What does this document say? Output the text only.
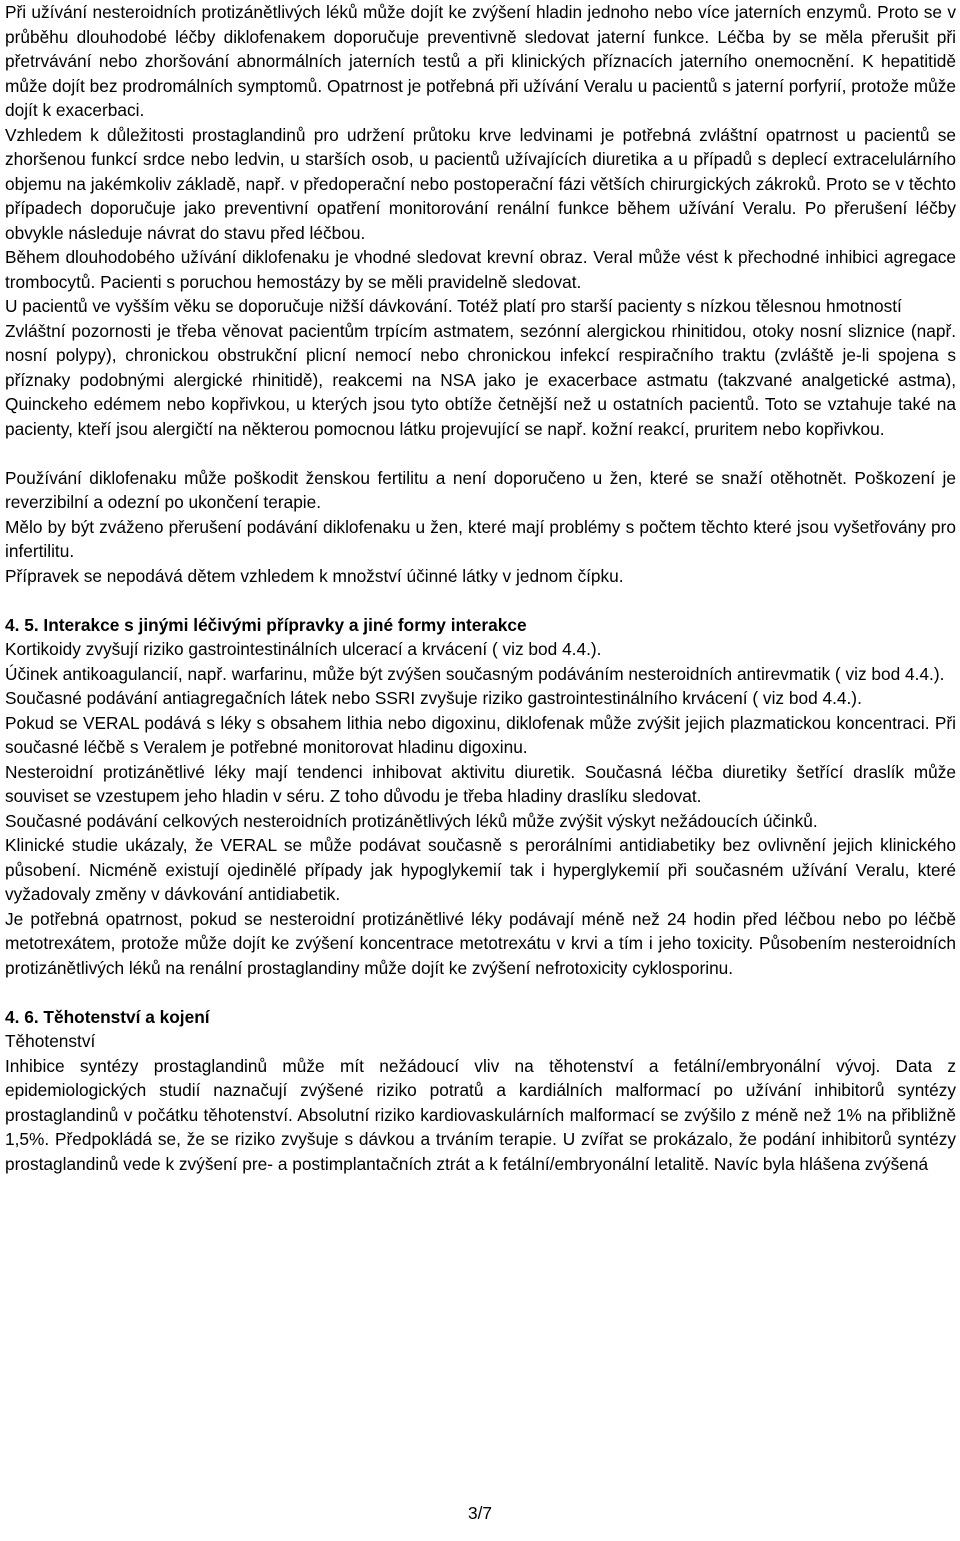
Při užívání nesteroidních protizánětlivých léků může dojít ke zvýšení hladin jednoho nebo více jaterních enzymů. Proto se v průběhu dlouhodobé léčby diklofenakem doporučuje preventivně sledovat jaterní funkce. Léčba by se měla přerušit při přetrvávání nebo zhoršování abnormálních jaterních testů a při klinických příznacích jaterního onemocnění. K hepatitidě může dojít bez prodromálních symptomů. Opatrnost je potřebná při užívání Veralu u pacientů s jaterní porfyrií, protože může dojít k exacerbaci.

Vzhledem k důležitosti prostaglandinů pro udržení průtoku krve ledvinami je potřebná zvláštní opatrnost u pacientů se zhoršenou funkcí srdce nebo ledvin, u starších osob, u pacientů užívajících diuretika a u případů s deplecí extracelulárního objemu na jakémkoliv základě, např. v předoperační nebo postoperační fázi větších chirurgických zákroků. Proto se v těchto případech doporučuje jako preventivní opatření monitorování renální funkce během užívání Veralu. Po přerušení léčby obvykle následuje návrat do stavu před léčbou.

Během dlouhodobého užívání diklofenaku je vhodné sledovat krevní obraz. Veral může vést k přechodné inhibici agregace trombocytů. Pacienti s poruchou hemostázy by se měli pravidelně sledovat.

U pacientů ve vyšším věku se doporučuje nižší dávkování. Totéž platí pro starší pacienty s nízkou tělesnou hmotností

Zvláštní pozornosti je třeba věnovat pacientům trpícím astmatem, sezónní alergickou rhinitidou, otoky nosní sliznice (např. nosní polypy), chronickou obstrukční plicní nemocí nebo chronickou infekcí respiračního traktu (zvláště je-li spojena s příznaky podobnými alergické rhinitidě), reakcemi na NSA jako je exacerbace astmatu (takzvané analgetické astma), Quinckeho edémem nebo kopřivkou, u kterých jsou tyto obtíže četnější než u ostatních pacientů. Toto se vztahuje také na pacienty, kteří jsou alergičtí na některou pomocnou látku projevující se např. kožní reakcí, pruritem nebo kopřivkou.

Používání diklofenaku může poškodit ženskou fertilitu a není doporučeno u žen, které se snaží otěhotnět. Poškození je reverzibilní a odezní po ukončení terapie.

Mělo by být zváženo přerušení podávání diklofenaku u žen, které mají problémy s počtem těchto které jsou vyšetřovány pro infertilitu.

Přípravek se nepodává dětem vzhledem k množství účinné látky v jednom čípku.

4. 5. Interakce s jinými léčivými přípravky a jiné formy interakce

Kortikoidy zvyšují riziko gastrointestinálních ulcerací a krvácení ( viz bod 4.4.).

Účinek antikoagulancií, např. warfarinu, může být zvýšen současným podáváním nesteroidních antirevmatik ( viz bod 4.4.).

Současné podávání antiagregačních látek nebo SSRI zvyšuje riziko gastrointestinálního krvácení ( viz bod 4.4.).

Pokud se VERAL podává s léky s obsahem lithia nebo digoxinu, diklofenak může zvýšit jejich plazmatickou koncentraci. Při současné léčbě s Veralem je potřebné monitorovat hladinu digoxinu.

Nesteroidní protizánětlivé léky mají tendenci inhibovat aktivitu diuretik. Současná léčba diuretiky šetřící draslík může souviset se vzestupem jeho hladin v séru. Z toho důvodu je třeba hladiny draslíku sledovat.

Současné podávání celkových nesteroidních protizánětlivých léků může zvýšit výskyt nežádoucích účinků.

Klinické studie ukázaly, že VERAL se může podávat současně s perorálními antidiabetiky bez ovlivnění jejich klinického působení. Nicméně existují ojedinělé případy jak hypoglykemií tak i hyperglykemií při současném užívání Veralu, které vyžadovaly změny v dávkování antidiabetik.

Je potřebná opatrnost, pokud se nesteroidní protizánětlivé léky podávají méně než 24 hodin před léčbou nebo po léčbě metotrexátem, protože může dojít ke zvýšení koncentrace metotrexátu v krvi a tím i jeho toxicity. Působením nesteroidních protizánětlivých léků na renální prostaglandiny může dojít ke zvýšení nefrotoxicity cyklosporinu.

4. 6. Těhotenství a kojení

Těhotenství

Inhibice syntézy prostaglandinů může mít nežádoucí vliv na těhotenství a fetální/embryonální vývoj. Data z epidemiologických studií naznačují zvýšené riziko potratů a kardiálních malformací po užívání inhibitorů syntézy prostaglandinů v počátku těhotenství. Absolutní riziko kardiovaskulárních malformací se zvýšilo z méně než 1% na přibližně 1,5%. Předpokládá se, že se riziko zvyšuje s dávkou a trváním terapie. U zvířat se prokázalo, že podání inhibitorů syntézy prostaglandinů vede k zvýšení pre- a postimplantačních ztrát a k fetální/embryonální letalitě. Navíc byla hlášena zvýšená

3/7
